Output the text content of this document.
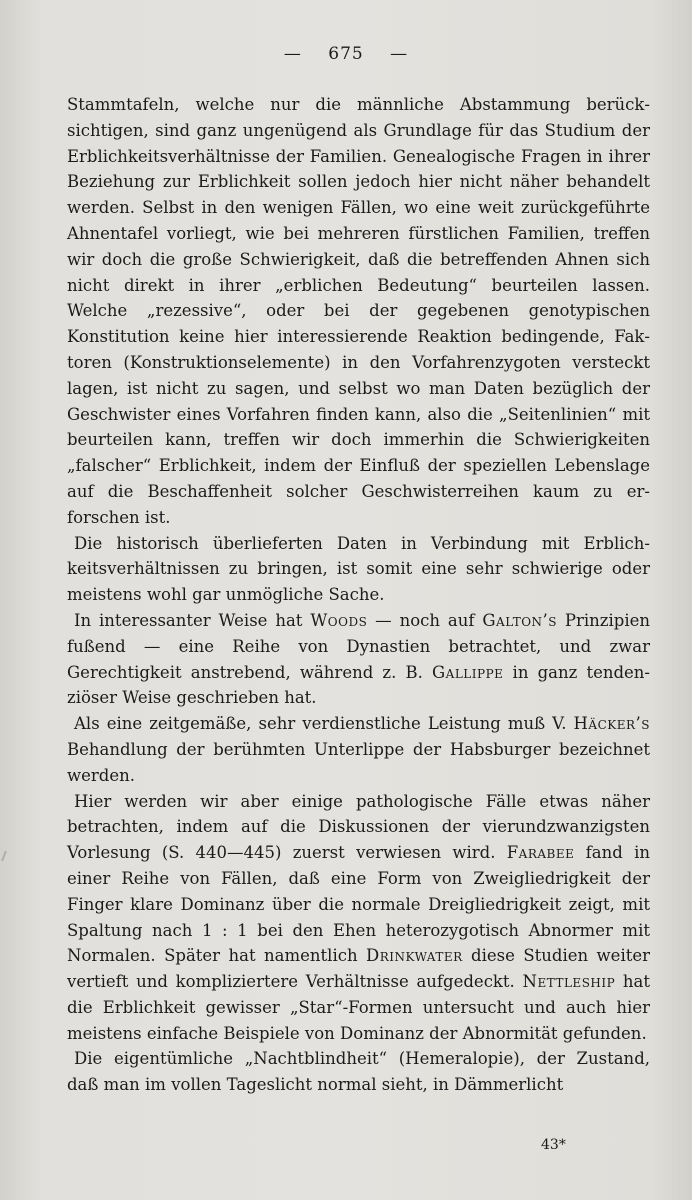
— 675 —

Stammtafeln, welche nur die männliche Abstammung berücksichtigen, sind ganz ungenügend als Grundlage für das Studium der Erblichkeitsverhältnisse der Familien. Genealogische Fragen in ihrer Beziehung zur Erblichkeit sollen jedoch hier nicht näher behandelt werden. Selbst in den wenigen Fällen, wo eine weit zurückgeführte Ahnentafel vorliegt, wie bei mehreren fürstlichen Familien, treffen wir doch die große Schwierigkeit, daß die betreffenden Ahnen sich nicht direkt in ihrer „erblichen Bedeutung“ beurteilen lassen. Welche „rezessive“, oder bei der gegebenen genotypischen Konstitution keine hier interessierende Reaktion bedingende, Faktoren (Konstruktionselemente) in den Vorfahrenzygoten versteckt lagen, ist nicht zu sagen, und selbst wo man Daten bezüglich der Geschwister eines Vorfahren finden kann, also die „Seitenlinien“ mit beurteilen kann, treffen wir doch immerhin die Schwierigkeiten „falscher“ Erblichkeit, indem der Einfluß der speziellen Lebenslage auf die Beschaffenheit solcher Geschwisterreihen kaum zu erforschen ist.

Die historisch überlieferten Daten in Verbindung mit Erblichkeitsverhältnissen zu bringen, ist somit eine sehr schwierige oder meistens wohl gar unmögliche Sache.

In interessanter Weise hat Woods — noch auf Galton’s Prinzipien fußend — eine Reihe von Dynastien betrachtet, und zwar Gerechtigkeit anstrebend, während z. B. Gallippe in ganz tendenziöser Weise geschrieben hat.

Als eine zeitgemäße, sehr verdienstliche Leistung muß V. Häcker’s Behandlung der berühmten Unterlippe der Habsburger bezeichnet werden.

Hier werden wir aber einige pathologische Fälle etwas näher betrachten, indem auf die Diskussionen der vierundzwanzigsten Vorlesung (S. 440—445) zuerst verwiesen wird. Farabee fand in einer Reihe von Fällen, daß eine Form von Zweigliedrigkeit der Finger klare Dominanz über die normale Dreigliedrigkeit zeigt, mit Spaltung nach 1 : 1 bei den Ehen heterozygotisch Abnormer mit Normalen. Später hat namentlich Drinkwater diese Studien weiter vertieft und kompliziertere Verhältnisse aufgedeckt. Nettleship hat die Erblichkeit gewisser „Star“-Formen untersucht und auch hier meistens einfache Beispiele von Dominanz der Abnormität gefunden.

Die eigentümliche „Nachtblindheit“ (Hemeralopie), der Zustand, daß man im vollen Tageslicht normal sieht, in Dämmerlicht

43*
